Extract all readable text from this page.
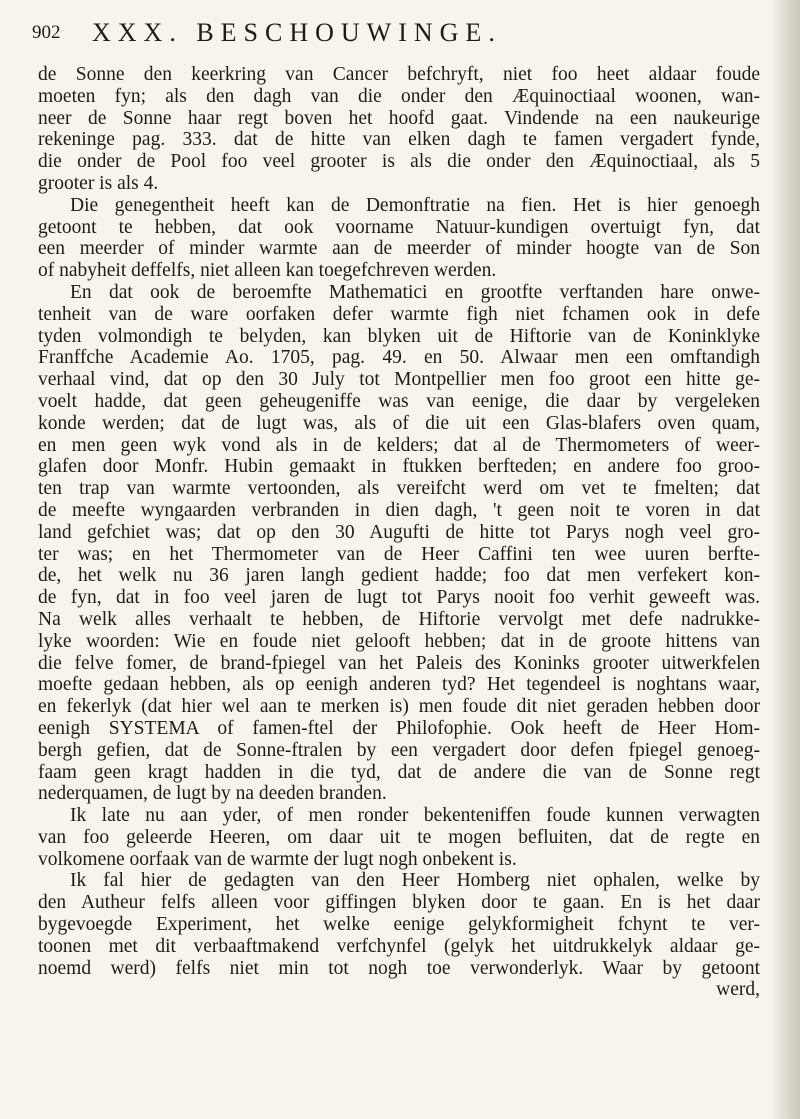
902 XXX. BESCHOUWINGE.
de Sonne den keerkring van Cancer befchryft, niet foo heet aldaar foude
moeten fyn; als den dagh van die onder den Æquinoctiaal woonen, wan-
neer de Sonne haar regt boven het hoofd gaat. Vindende na een naukeurige
rekeninge pag. 333. dat de hitte van elken dagh te famen vergadert fynde,
die onder de Pool foo veel grooter is als die onder den Æquinoctiaal, als 5
grooter is als 4.
Die genegentheit heeft kan de Demonftratie na fien. Het is hier genoegh
getoont te hebben, dat ook voorname Natuur-kundigen overtuigt fyn, dat
een meerder of minder warmte aan de meerder of minder hoogte van de Son
of nabyheit deffelfs, niet alleen kan toegefchreven werden.
En dat ook de beroemfte Mathematici en grootfte verftanden hare onwe-
tenheit van de ware oorfaken defer warmte figh niet fchamen ook in defe
tyden volmondigh te belyden, kan blyken uit de Hiftorie van de Koninklyke
Franffche Academie Ao. 1705, pag. 49. en 50. Alwaar men een omftandigh
verhaal vind, dat op den 30 July tot Montpellier men foo groot een hitte ge-
voelt hadde, dat geen geheugeniffe was van eenige, die daar by vergeleken
konde werden; dat de lugt was, als of die uit een Glas-blafers oven quam,
en men geen wyk vond als in de kelders; dat al de Thermometers of weer-
glafen door Monfr. Hubin gemaakt in ftukken berfteden; en andere foo groo-
ten trap van warmte vertoonden, als vereifcht werd om vet te fmelten; dat
de meefte wyngaarden verbranden in dien dagh, 't geen noit te voren in dat
land gefchiet was; dat op den 30 Augufti de hitte tot Parys nogh veel gro-
ter was; en het Thermometer van de Heer Caffini ten wee uuren berfte-
de, het welk nu 36 jaren langh gedient hadde; foo dat men verfekert kon-
de fyn, dat in foo veel jaren de lugt tot Parys nooit foo verhit geweeft was.
Na welk alles verhaalt te hebben, de Hiftorie vervolgt met defe nadrukke-
lyke woorden: Wie en foude niet gelooft hebben; dat in de groote hittens van
die felve fomer, de brand-fpiegel van het Paleis des Koninks grooter uitwerkfelen
moefte gedaan hebben, als op eenigh anderen tyd? Het tegendeel is noghtans waar,
en fekerlyk (dat hier wel aan te merken is) men foude dit niet geraden hebben door
eenigh SYSTEMA of famen-ftel der Philofophie. Ook heeft de Heer Hom-
bergh gefien, dat de Sonne-ftralen by een vergadert door defen fpiegel genoeg-
faam geen kragt hadden in die tyd, dat de andere die van de Sonne regt
nederquamen, de lugt by na deeden branden.
Ik late nu aan yder, of men ronder bekenteniffen foude kunnen verwagten
van foo geleerde Heeren, om daar uit te mogen befluiten, dat de regte en
volkomene oorfaak van de warmte der lugt nogh onbekent is.
Ik fal hier de gedagten van den Heer Homberg niet ophalen, welke by
den Autheur felfs alleen voor giffingen blyken door te gaan. En is het daar
bygevoegde Experiment, het welke eenige gelykformigheit fchynt te ver-
toonen met dit verbaaftmakend verfchynfel (gelyk het uitdrukkelyk aldaar ge-
noemd werd) felfs niet min tot nogh toe verwonderlyk. Waar by getoont
werd,
